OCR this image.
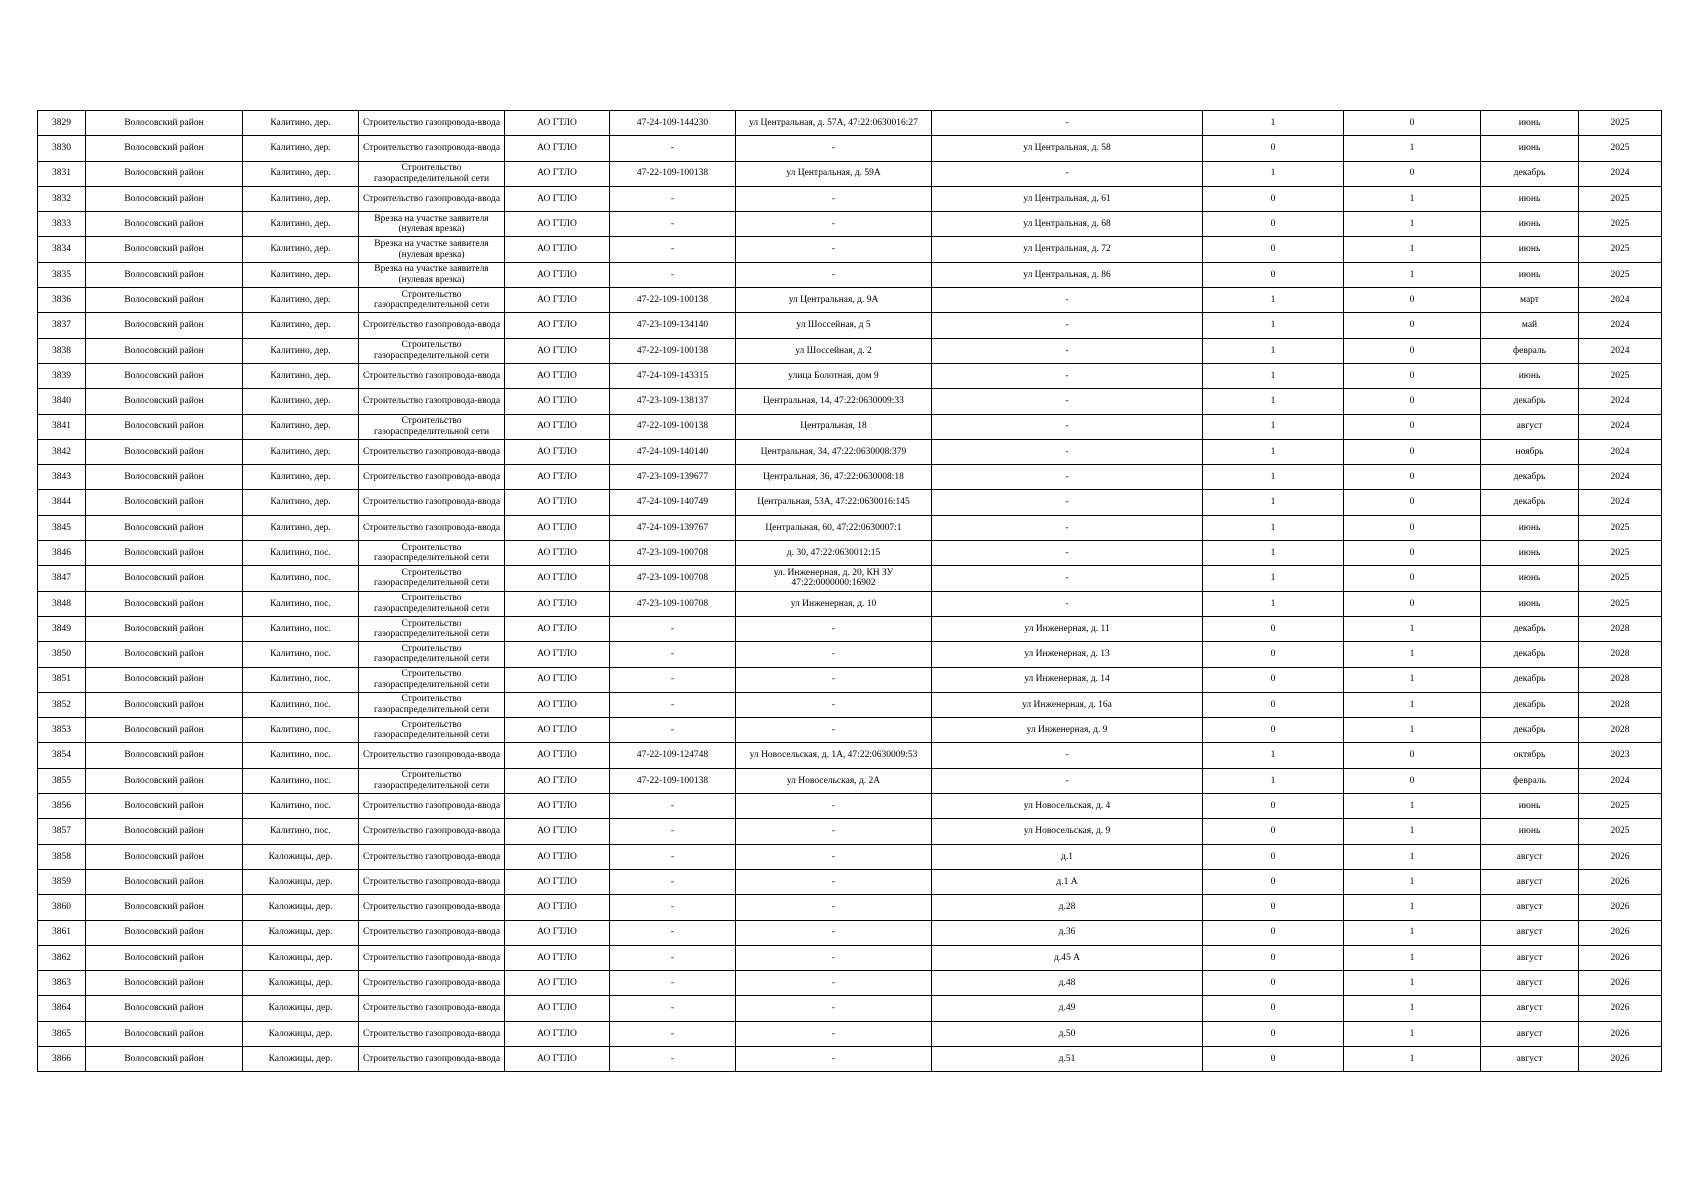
3829	Волосовский район	Калитино, дер.	Строительство газопровода-ввода	АО ГТЛО	47-24-109-144230	ул Центральная, д. 57А, 47:22:0630016:27	-	1	0	июнь	2025
3830	Волосовский район	Калитино, дер.	Строительство газопровода-ввода	АО ГТЛО	-	-	ул Центральная, д. 58	0	1	июнь	2025
3831	Волосовский район	Калитино, дер.	Строительство газораспределительной сети	АО ГТЛО	47-22-109-100138	ул Центральная, д. 59А	-	1	0	декабрь	2024
3832	Волосовский район	Калитино, дер.	Строительство газопровода-ввода	АО ГТЛО	-	-	ул Центральная, д. 61	0	1	июнь	2025
3833	Волосовский район	Калитино, дер.	Врезка на участке заявителя (нулевая врезка)	АО ГТЛО	-	-	ул Центральная, д. 68	0	1	июнь	2025
3834	Волосовский район	Калитино, дер.	Врезка на участке заявителя (нулевая врезка)	АО ГТЛО	-	-	ул Центральная, д. 72	0	1	июнь	2025
3835	Волосовский район	Калитино, дер.	Врезка на участке заявителя (нулевая врезка)	АО ГТЛО	-	-	ул Центральная, д. 86	0	1	июнь	2025
3836	Волосовский район	Калитино, дер.	Строительство газораспределительной сети	АО ГТЛО	47-22-109-100138	ул Центральная, д. 9А	-	1	0	март	2024
3837	Волосовский район	Калитино, дер.	Строительство газопровода-ввода	АО ГТЛО	47-23-109-134140	ул Шоссейная, д 5	-	1	0	май	2024
3838	Волосовский район	Калитино, дер.	Строительство газораспределительной сети	АО ГТЛО	47-22-109-100138	ул Шоссейная, д. 2	-	1	0	февраль	2024
3839	Волосовский район	Калитино, дер.	Строительство газопровода-ввода	АО ГТЛО	47-24-109-143315	улица Болотная, дом 9	-	1	0	июнь	2025
3840	Волосовский район	Калитино, дер.	Строительство газопровода-ввода	АО ГТЛО	47-23-109-138137	Центральная, 14, 47:22:0630009:33	-	1	0	декабрь	2024
3841	Волосовский район	Калитино, дер.	Строительство газораспределительной сети	АО ГТЛО	47-22-109-100138	Центральная, 18	-	1	0	август	2024
3842	Волосовский район	Калитино, дер.	Строительство газопровода-ввода	АО ГТЛО	47-24-109-140140	Центральная, 34, 47:22:0630008:379	-	1	0	ноябрь	2024
3843	Волосовский район	Калитино, дер.	Строительство газопровода-ввода	АО ГТЛО	47-23-109-139677	Центральная, 36, 47:22:0630008:18	-	1	0	декабрь	2024
3844	Волосовский район	Калитино, дер.	Строительство газопровода-ввода	АО ГТЛО	47-24-109-140749	Центральная, 53А, 47:22:0630016:145	-	1	0	декабрь	2024
3845	Волосовский район	Калитино, дер.	Строительство газопровода-ввода	АО ГТЛО	47-24-109-139767	Центральная, 60, 47:22:0630007:1	-	1	0	июнь	2025
3846	Волосовский район	Калитино, пос.	Строительство газораспределительной сети	АО ГТЛО	47-23-109-100708	д. 30, 47:22:0630012:15	-	1	0	июнь	2025
3847	Волосовский район	Калитино, пос.	Строительство газораспределительной сети	АО ГТЛО	47-23-109-100708	ул. Инженерная, д. 20, КН ЗУ 47:22:0000000:16902	-	1	0	июнь	2025
3848	Волосовский район	Калитино, пос.	Строительство газораспределительной сети	АО ГТЛО	47-23-109-100708	ул Инженерная, д. 10	-	1	0	июнь	2025
3849	Волосовский район	Калитино, пос.	Строительство газораспределительной сети	АО ГТЛО	-	-	ул Инженерная, д. 11	0	1	декабрь	2028
3850	Волосовский район	Калитино, пос.	Строительство газораспределительной сети	АО ГТЛО	-	-	ул Инженерная, д. 13	0	1	декабрь	2028
3851	Волосовский район	Калитино, пос.	Строительство газораспределительной сети	АО ГТЛО	-	-	ул Инженерная, д. 14	0	1	декабрь	2028
3852	Волосовский район	Калитино, пос.	Строительство газораспределительной сети	АО ГТЛО	-	-	ул Инженерная, д. 16а	0	1	декабрь	2028
3853	Волосовский район	Калитино, пос.	Строительство газораспределительной сети	АО ГТЛО	-	-	ул Инженерная, д. 9	0	1	декабрь	2028
3854	Волосовский район	Калитино, пос.	Строительство газопровода-ввода	АО ГТЛО	47-22-109-124748	ул Новосельская, д. 1А, 47:22:0630009:53	-	1	0	октябрь	2023
3855	Волосовский район	Калитино, пос.	Строительство газораспределительной сети	АО ГТЛО	47-22-109-100138	ул Новосельская, д. 2А	-	1	0	февраль	2024
3856	Волосовский район	Калитино, пос.	Строительство газопровода-ввода	АО ГТЛО	-	-	ул Новосельская, д. 4	0	1	июнь	2025
3857	Волосовский район	Калитино, пос.	Строительство газопровода-ввода	АО ГТЛО	-	-	ул Новосельская, д. 9	0	1	июнь	2025
3858	Волосовский район	Каложицы, дер.	Строительство газопровода-ввода	АО ГТЛО	-	-	д.1	0	1	август	2026
3859	Волосовский район	Каложицы, дер.	Строительство газопровода-ввода	АО ГТЛО	-	-	д.1 А	0	1	август	2026
3860	Волосовский район	Каложицы, дер.	Строительство газопровода-ввода	АО ГТЛО	-	-	д.28	0	1	август	2026
3861	Волосовский район	Каложицы, дер.	Строительство газопровода-ввода	АО ГТЛО	-	-	д.36	0	1	август	2026
3862	Волосовский район	Каложицы, дер.	Строительство газопровода-ввода	АО ГТЛО	-	-	д.45 А	0	1	август	2026
3863	Волосовский район	Каложицы, дер.	Строительство газопровода-ввода	АО ГТЛО	-	-	д.48	0	1	август	2026
3864	Волосовский район	Каложицы, дер.	Строительство газопровода-ввода	АО ГТЛО	-	-	д.49	0	1	август	2026
3865	Волосовский район	Каложицы, дер.	Строительство газопровода-ввода	АО ГТЛО	-	-	д.50	0	1	август	2026
3866	Волосовский район	Каложицы, дер.	Строительство газопровода-ввода	АО ГТЛО	-	-	д.51	0	1	август	2026
